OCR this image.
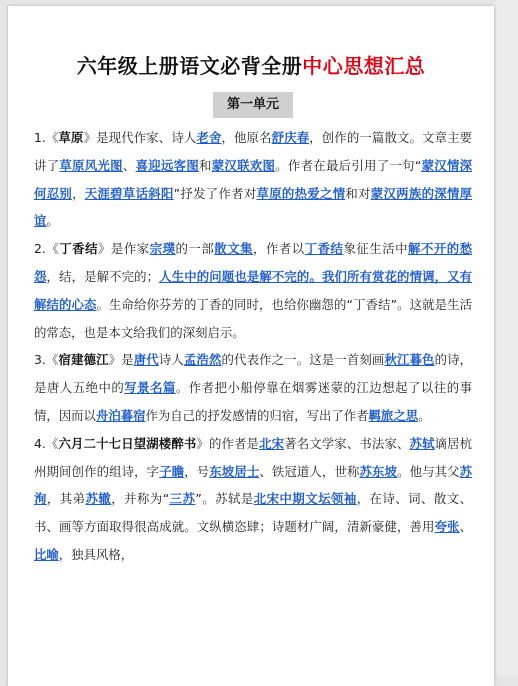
六年级上册语文必背全册中心思想汇总
第一单元

1.《草原》是现代作家、诗人老舍，他原名舒庆春，创作的一篇散文。文章主要讲了草原风光图、喜迎远客图和蒙汉联欢图。作者在最后引用了一句“蒙汉情深何忍别，天涯碧草话斜阳”抒发了作者对草原的热爱之情和对蒙汉两族的深情厚谊。

2.《丁香结》是作家宗璞的一部散文集，作者以丁香结象征生活中解不开的愁怨，结，是解不完的；人生中的问题也是解不完的。我们所有赏花的情调，又有解结的心态。生命给你芬芳的丁香的同时，也给你幽怨的“丁香结”。这就是生活的常态，也是本文给我们的深刻启示。

3.《宿建德江》是唐代诗人孟浩然的代表作之一。这是一首刻画秋江暮色的诗，是唐人五绝中的写景名篇。作者把小船停靠在烟雾迷蒙的江边想起了以往的事情，因而以舟泊暮宿作为自己的抒发感情的归宿，写出了作者羁旅之思。

4.《六月二十七日望湖楼醉书》的作者是北宋著名文学家、书法家、苏轼谪居杭州期间创作的组诗，字子瞻，号东坡居士、铁冠道人，世称苏东坡。他与其父苏洵，其弟苏辙，并称为“三苏”。苏轼是北宋中期文坛领袖，在诗、词、散文、书、画等方面取得很高成就。文纵横恣肆；诗题材广阔，清新豪健，善用夸张、比喻，独具风格，
